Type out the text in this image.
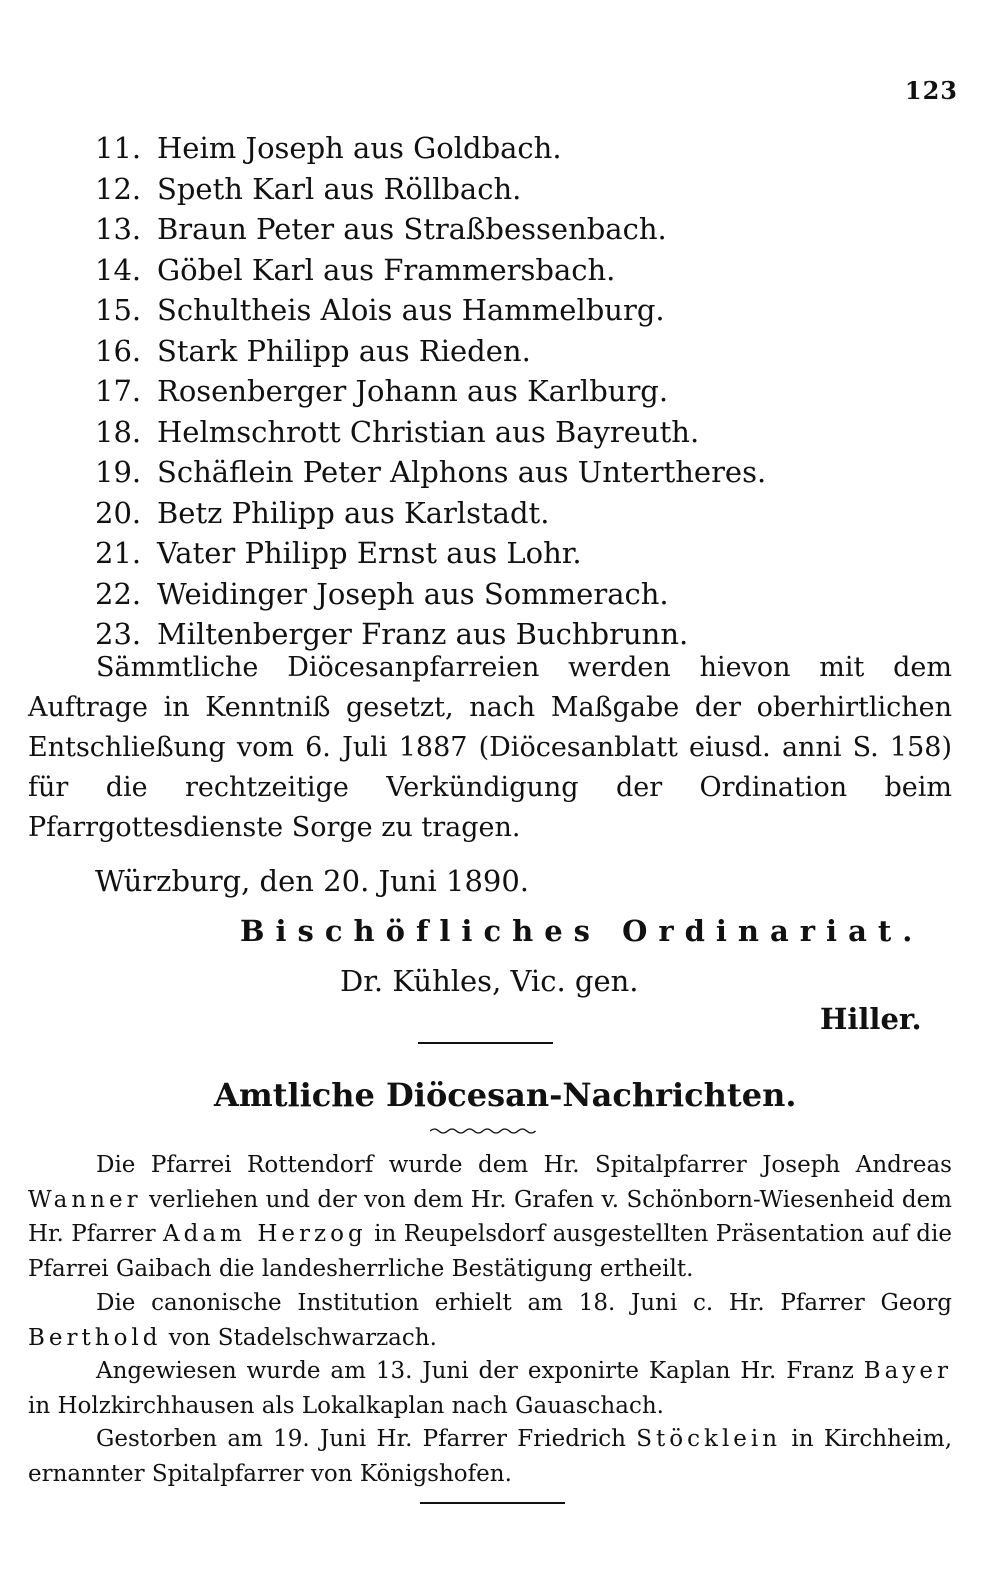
123
11. Heim Joseph aus Goldbach.
12. Speth Karl aus Röllbach.
13. Braun Peter aus Straßbessenbach.
14. Göbel Karl aus Frammersbach.
15. Schultheis Alois aus Hammelburg.
16. Stark Philipp aus Rieden.
17. Rosenberger Johann aus Karlburg.
18. Helmschrott Christian aus Bayreuth.
19. Schäflein Peter Alphons aus Untertheres.
20. Betz Philipp aus Karlstadt.
21. Vater Philipp Ernst aus Lohr.
22. Weidinger Joseph aus Sommerach.
23. Miltenberger Franz aus Buchbrunn.

Sämmtliche Diöcesanpfarreien werden hievon mit dem Auftrage in Kenntniß gesetzt, nach Maßgabe der oberhirtlichen Entschließung vom 6. Juli 1887 (Diöcesanblatt eiusd. anni S. 158) für die rechtzeitige Verkündigung der Ordination beim Pfarrgottesdienste Sorge zu tragen.

Würzburg, den 20. Juni 1890.

Bischöfliches Ordinariat.

Dr. Kühles, Vic. gen.

Hiller.

Amtliche Diöcesan-Nachrichten.

Die Pfarrei Rottendorf wurde dem Hr. Spitalpfarrer Joseph Andreas Wanner verliehen und der von dem Hr. Grafen v. Schönborn-Wiesenheid dem Hr. Pfarrer Adam Herzog in Reupelsdorf ausgestellten Präsentation auf die Pfarrei Gaibach die landesherrliche Bestätigung ertheilt.

Die canonische Institution erhielt am 18. Juni c. Hr. Pfarrer Georg Berthold von Stadelschwarzach.

Angewiesen wurde am 13. Juni der exponirte Kaplan Hr. Franz Bayer in Holzkirchhausen als Lokalkaplan nach Gauaschach.

Gestorben am 19. Juni Hr. Pfarrer Friedrich Stöcklein in Kirchheim, ernannter Spitalpfarrer von Königshofen.
